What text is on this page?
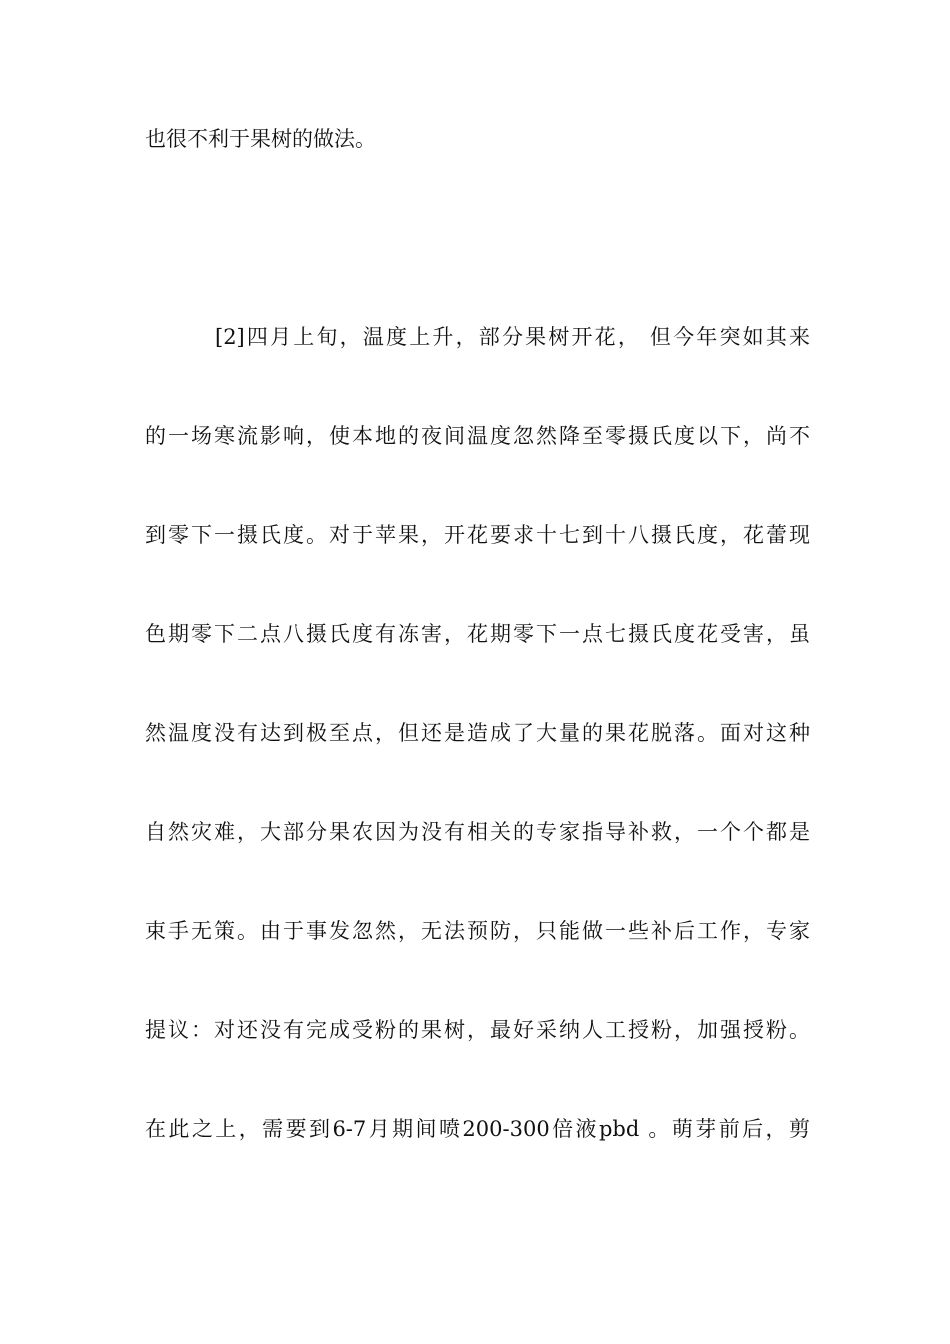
也很不利于果树的做法。
[2]四月上旬，温度上升，部分果树开花， 但今年突如其来
的一场寒流影响，使本地的夜间温度忽然降至零摄氏度以下，尚不
到零下一摄氏度。对于苹果，开花要求十七到十八摄氏度，花蕾现
色期零下二点八摄氏度有冻害，花期零下一点七摄氏度花受害，虽
然温度没有达到极至点，但还是造成了大量的果花脱落。面对这种
自然灾难，大部分果农因为没有相关的专家指导补救，一个个都是
束手无策。由于事发忽然，无法预防，只能做一些补后工作，专家
提议：对还没有完成受粉的果树，最好采纳人工授粉，加强授粉。
在此之上，需要到6-7月期间喷200-300倍液pbd 。萌芽前后，剪
